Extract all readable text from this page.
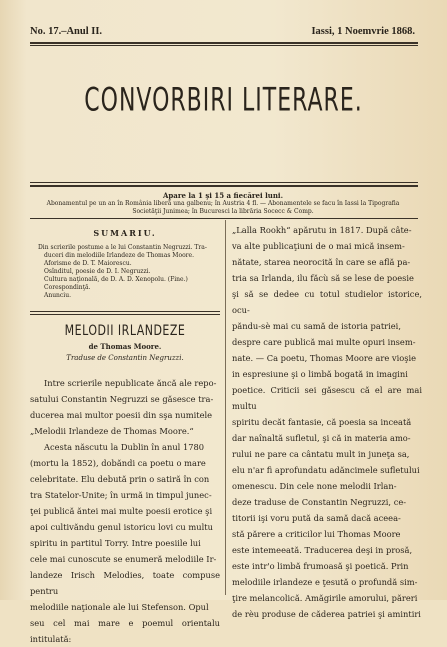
No. 17.–Anul II.	Iassi, 1 Noemvrie 1868.
CONVORBIRI LITERARE.
Apare la 1 şi 15 a fiecărei luni.
Abonamentul pe un an în România liberă una galbenu; în Austria 4 fl. — Abonamentele se facu în Iassi la Tipografia
Societăţii Junimea; în Bucuresci la librăria Socecc & Comp.
SUMARIU.
Din scrierile postume a le lui Constantin Negruzzi. Tra-
ducerі din melodiile Irlandeze de Thomas Moore.
Aforisme de D. T. Maiorescu.
Osînditul, poesie de D. I. Negruzzi.
Cultura naţională, de D. A. D. Xenopolu. (Fine.)
Corespondinţă.
Anunciu.
MELODII IRLANDEZE
de Thomas Moore.
Traduse de Constantin Negruzzi.

Intre scrierile nepublicate ăncă ale repo-

satului Constantin Negruzzi se găsesce tra-

ducerea mai multor poesii din sşa numitele

„Melodii Irlandeze de Thomas Moore.“

Acesta născutu la Dublin în anul 1780

(mortu la 1852), dobăndi ca poetu o mare

celebritate. Elu debută prin o satiră în con

tra Statelor-Unite; în urmă in timpul junec-

ţei publică ăntei mai multe poesii erotice şi

apoi cultivăndu genul istoricu lovi cu multu

spiritu in partitul Torry. Intre poesiile lui

cele mai cunoscute se enumeră melodiile Ir-

landeze Irisch Melodies, toate compuse pentru

melodiile naţionale ale lui Stefenson. Opul

seu cel mai mare e poemul orientalu intitulată:

„Lalla Rookh“ apărutu in 1817. După câte-

va alte publicaţiuni de o mai mică insem-

nătate, starea neorocită în care se află pa-

tria sa Irlanda, ilu făcù să se lese de poesie

şi să se dedee cu totul studielor istorice, ocu-

păndu-sè mai cu samă de istoria patriei,

despre care publică mai multe opuri insem-

nate. — Ca poetu, Thomas Moore are vioşie

in espresiune şi o limbă bogată in imagini

poetice. Criticii sei găsescu că el are mai multu

spiritu decăt fantasie, că poesia sa inceată

dar naînaltă sufletul, şi că in materia amo-

rului ne pare ca cântatu mult in juneţa sa,

elu n'ar fi aprofundatu adăncimele sufletului

omenescu. Din cele none melodii Irlan-

deze traduse de Constantin Negruzzi, ce-

titorii işi voru pută da samă dacă aceea-

stă părere a criticilor lui Thomas Moore

este intemeeată. Traducerea deşi in prosă,

este intr'o limbă frumoasă şi poetică. Prin

melodiile irlandeze e ţesută o profundă sim-

ţire melancolică. Amăgirile amorului, păreri

de rèu produse de căderea patriei şi amintiri
